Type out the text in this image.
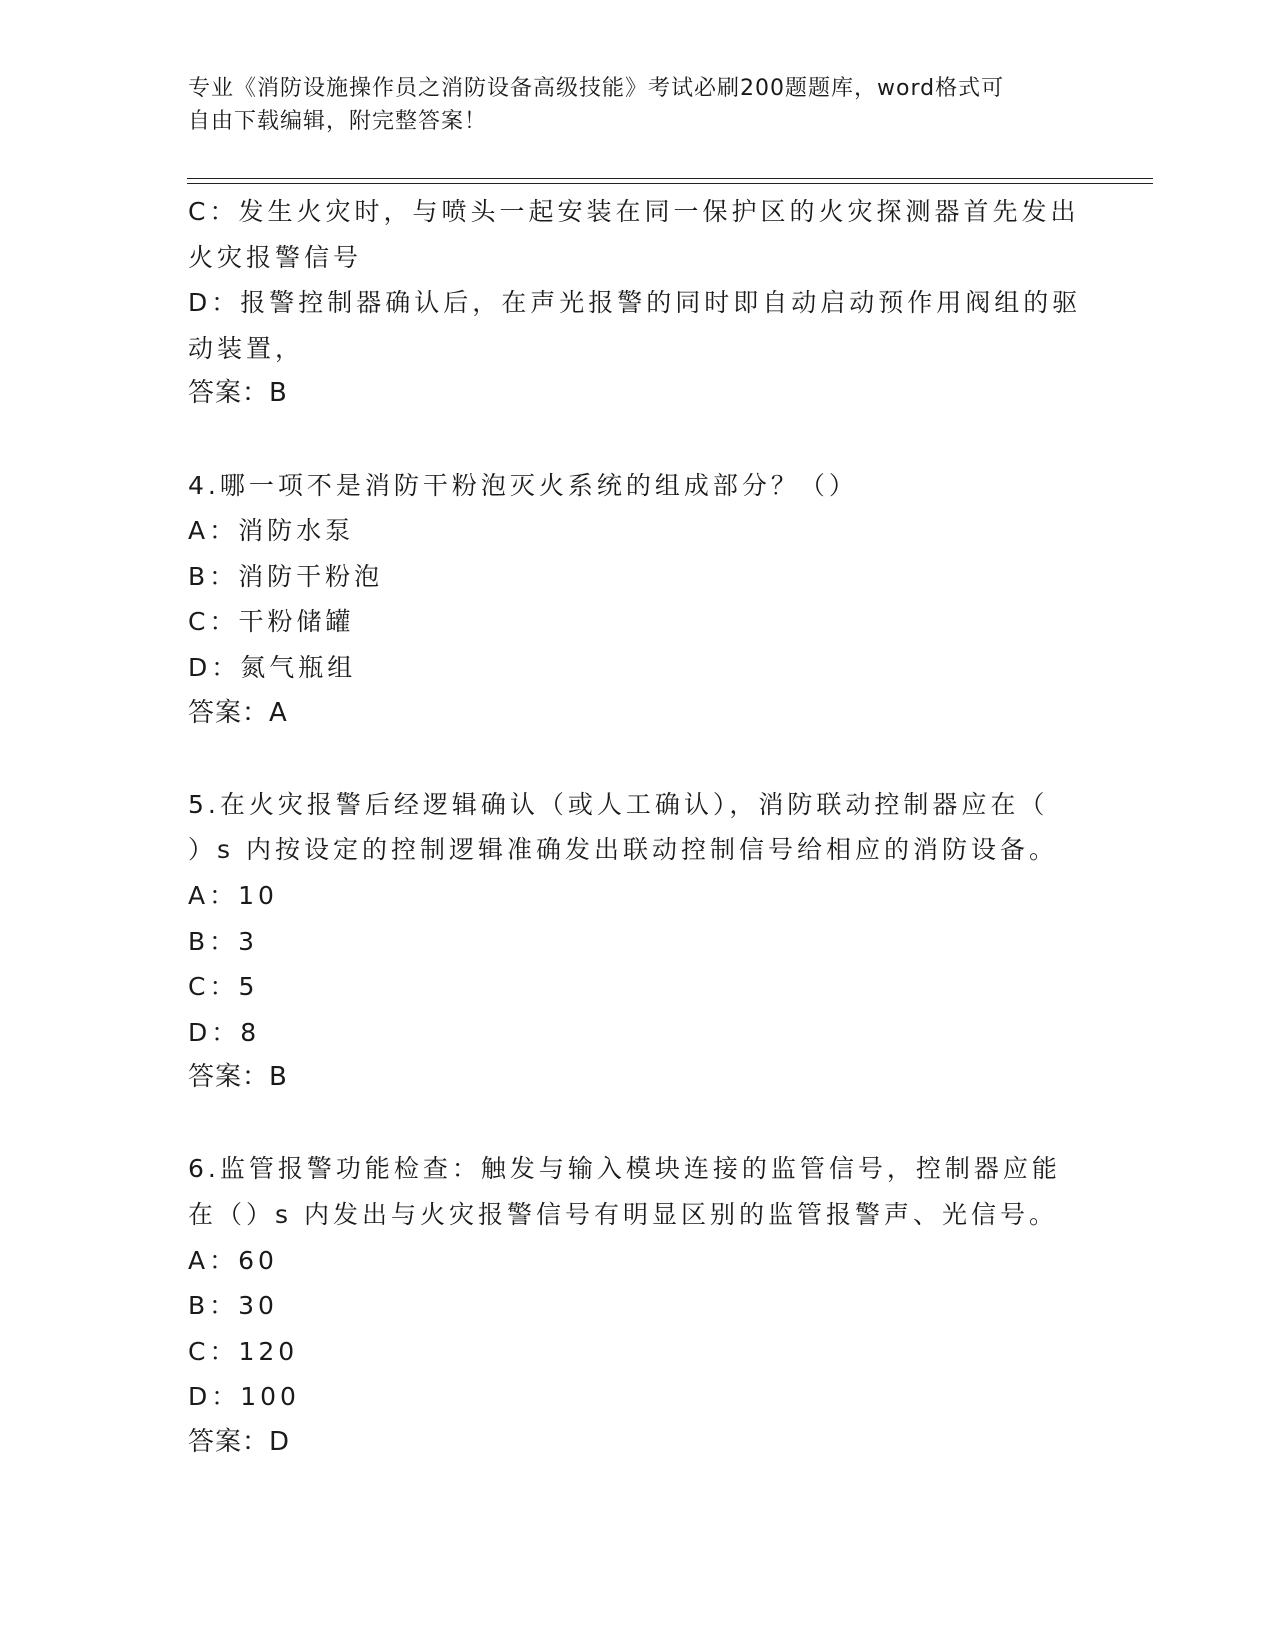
专业《消防设施操作员之消防设备高级技能》考试必刷200题题库，word格式可
自由下载编辑，附完整答案！
C：发生火灾时，与喷头一起安装在同一保护区的火灾探测器首先发出
火灾报警信号
D：报警控制器确认后，在声光报警的同时即自动启动预作用阀组的驱
动装置，
答案：B
4.哪一项不是消防干粉泡灭火系统的组成部分？（）
A：消防水泵
B：消防干粉泡
C：干粉储罐
D：氮气瓶组
答案：A
5.在火灾报警后经逻辑确认（或人工确认），消防联动控制器应在（
）s 内按设定的控制逻辑准确发出联动控制信号给相应的消防设备。
A：10
B：3
C：5
D：8
答案：B
6.监管报警功能检查：触发与输入模块连接的监管信号，控制器应能
在（）s 内发出与火灾报警信号有明显区别的监管报警声、光信号。
A：60
B：30
C：120
D：100
答案：D
